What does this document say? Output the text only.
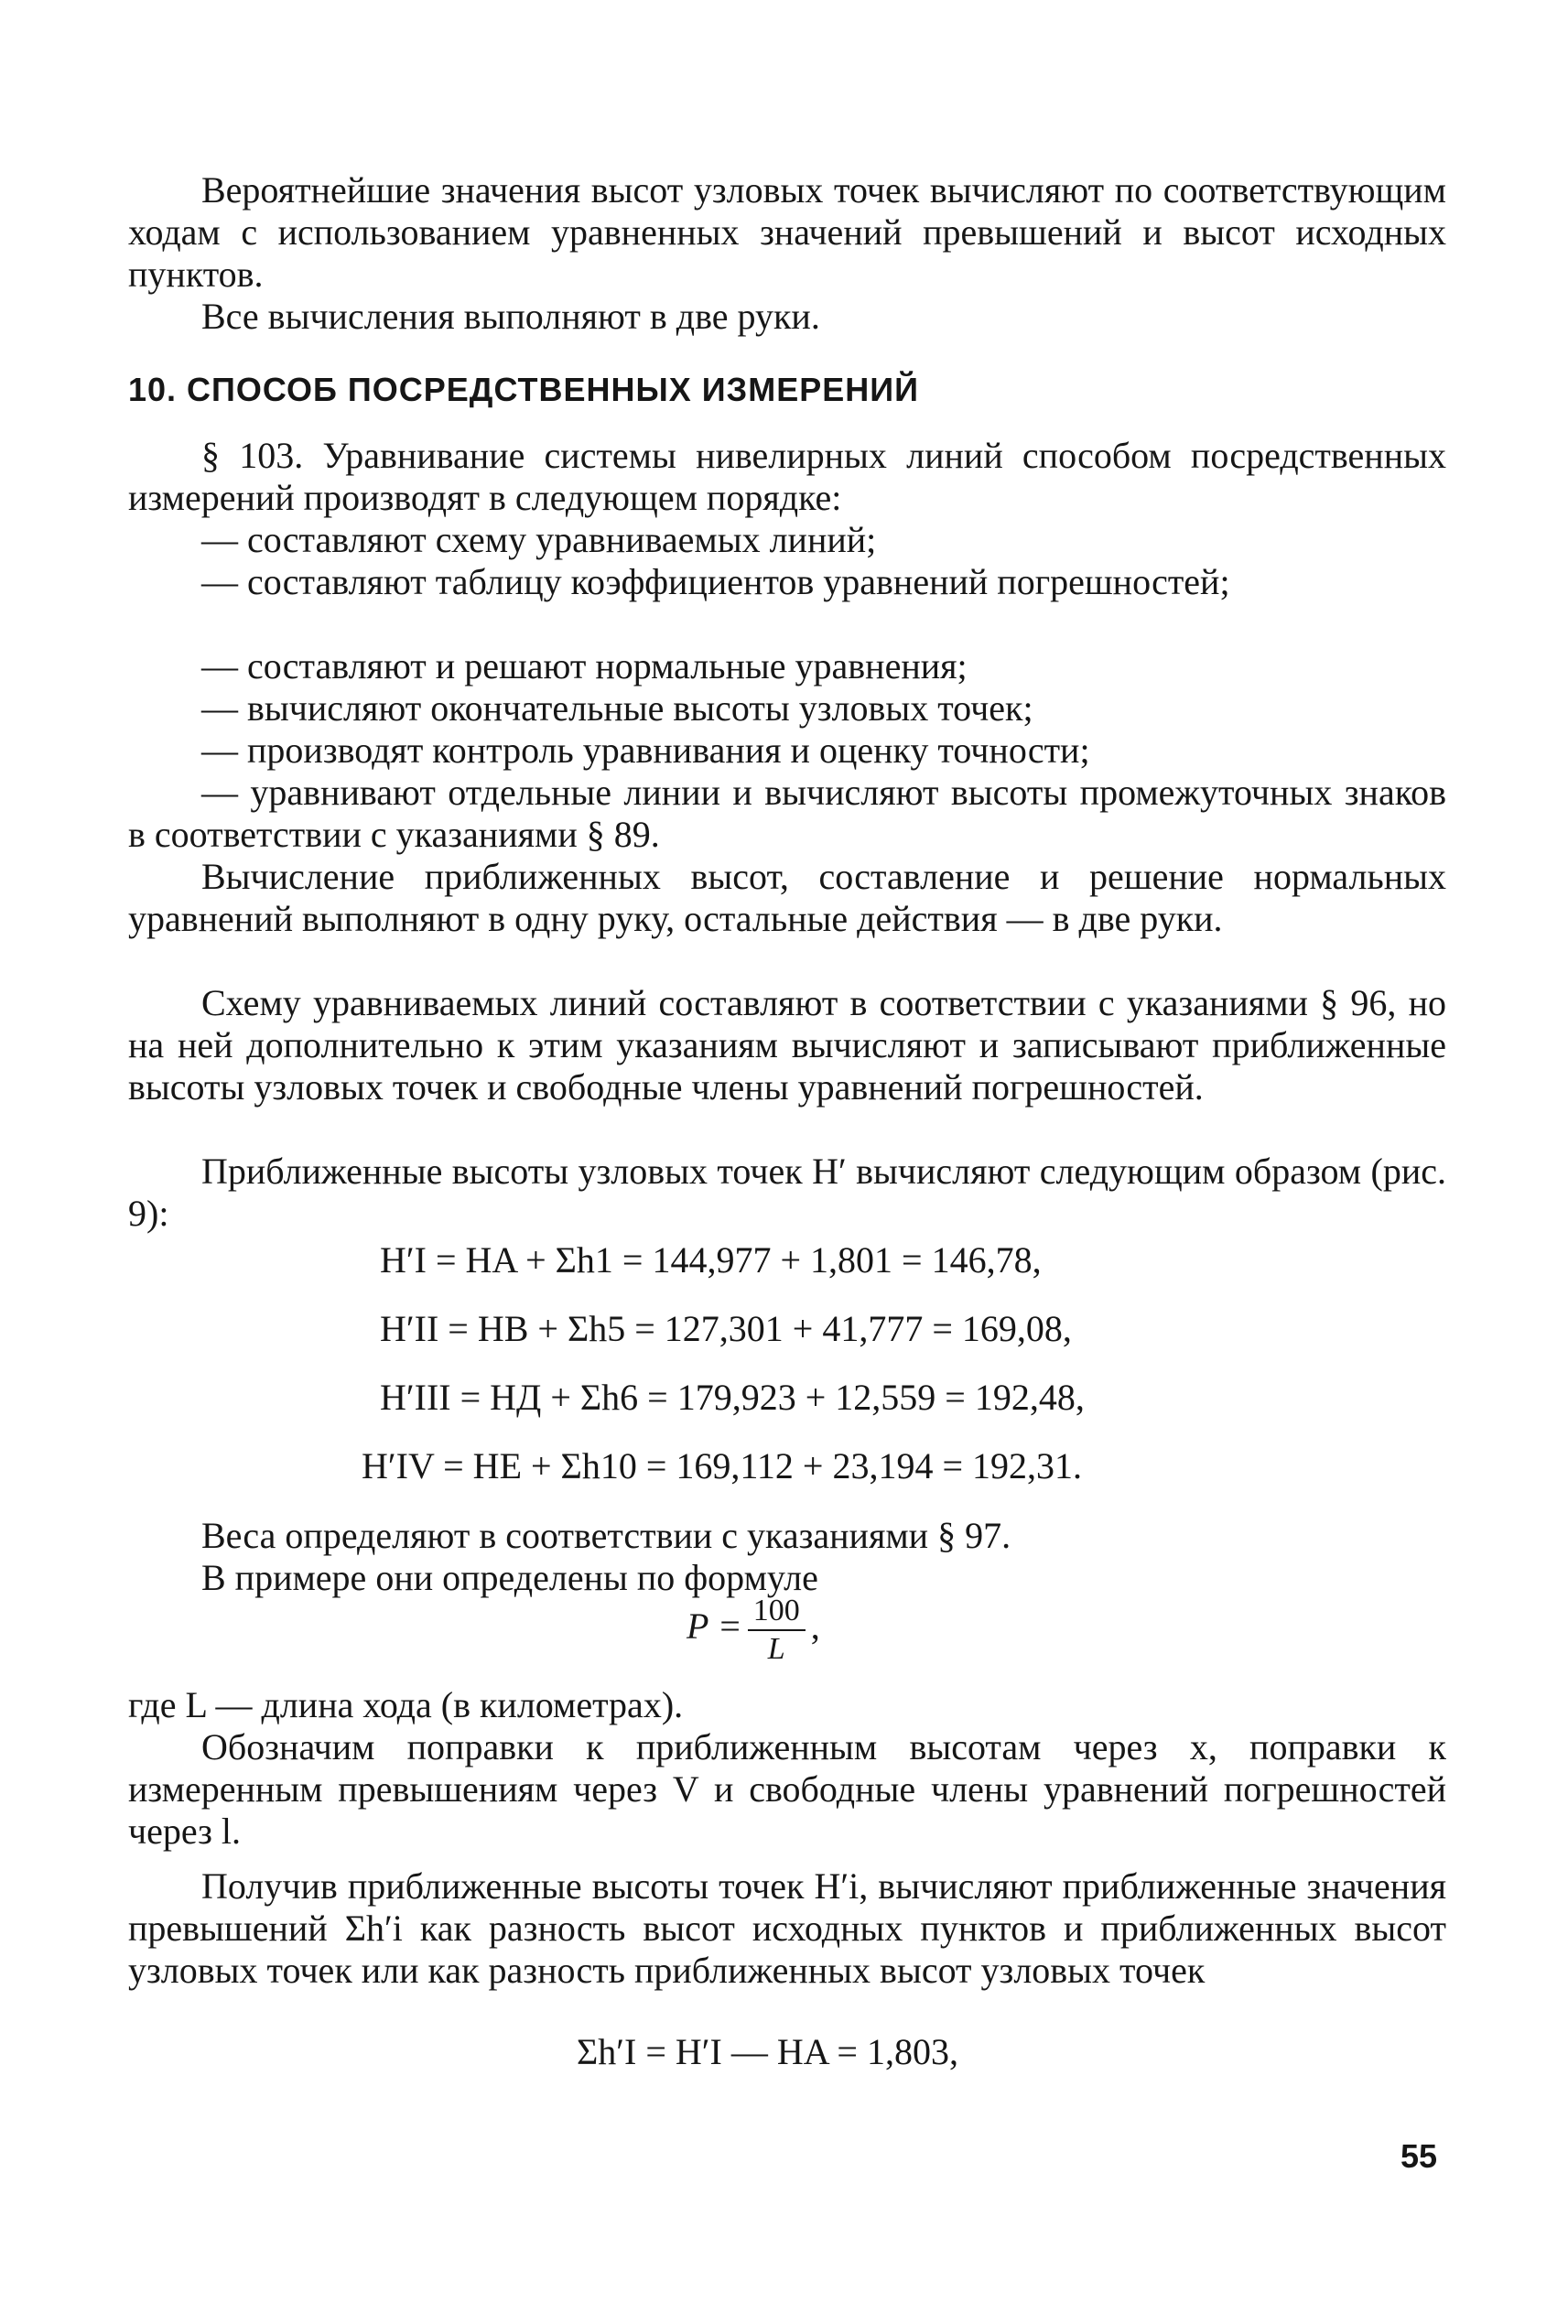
Вероятнейшие значения высот узловых точек вычисляют по соответствующим ходам с использованием уравненных значений превышений и высот исходных пунктов.

Все вычисления выполняют в две руки.

10. СПОСОБ ПОСРЕДСТВЕННЫХ ИЗМЕРЕНИЙ

§ 103. Уравнивание системы нивелирных линий способом посредственных измерений производят в следующем порядке:

— составляют схему уравниваемых линий;

— составляют таблицу коэффициентов уравнений погрешностей;

— составляют и решают нормальные уравнения;

— вычисляют окончательные высоты узловых точек;

— производят контроль уравнивания и оценку точности;

— уравнивают отдельные линии и вычисляют высоты промежуточных знаков в соответствии с указаниями § 89.

Вычисление приближенных высот, составление и решение нормальных уравнений выполняют в одну руку, остальные действия — в две руки.

Схему уравниваемых линий составляют в соответствии с указаниями § 96, но на ней дополнительно к этим указаниям вычисляют и записывают приближенные высоты узловых точек и свободные члены уравнений погрешностей.

Приближенные высоты узловых точек H′ вычисляют следующим образом (рис. 9):

H′I = HA + Σh1 = 144,977 + 1,801 = 146,78,
H′II = HB + Σh5 = 127,301 + 41,777 = 169,08,
H′III = HД + Σh6 = 179,923 + 12,559 = 192,48,
H′IV = HE + Σh10 = 169,112 + 23,194 = 192,31.

Веса определяют в соответствии с указаниями § 97.

В примере они определены по формуле

$P = \frac{100}{L}$ ,

где L — длина хода (в километрах).

Обозначим поправки к приближенным высотам через x, поправки к измеренным превышениям через V и свободные члены уравнений погрешностей через l.

Получив приближенные высоты точек H′i, вычисляют приближенные значения превышений Σh′i как разность высот исходных пунктов и приближенных высот узловых точек или как разность приближенных высот узловых точек

Σh′I = H′I — HA = 1,803,
55
